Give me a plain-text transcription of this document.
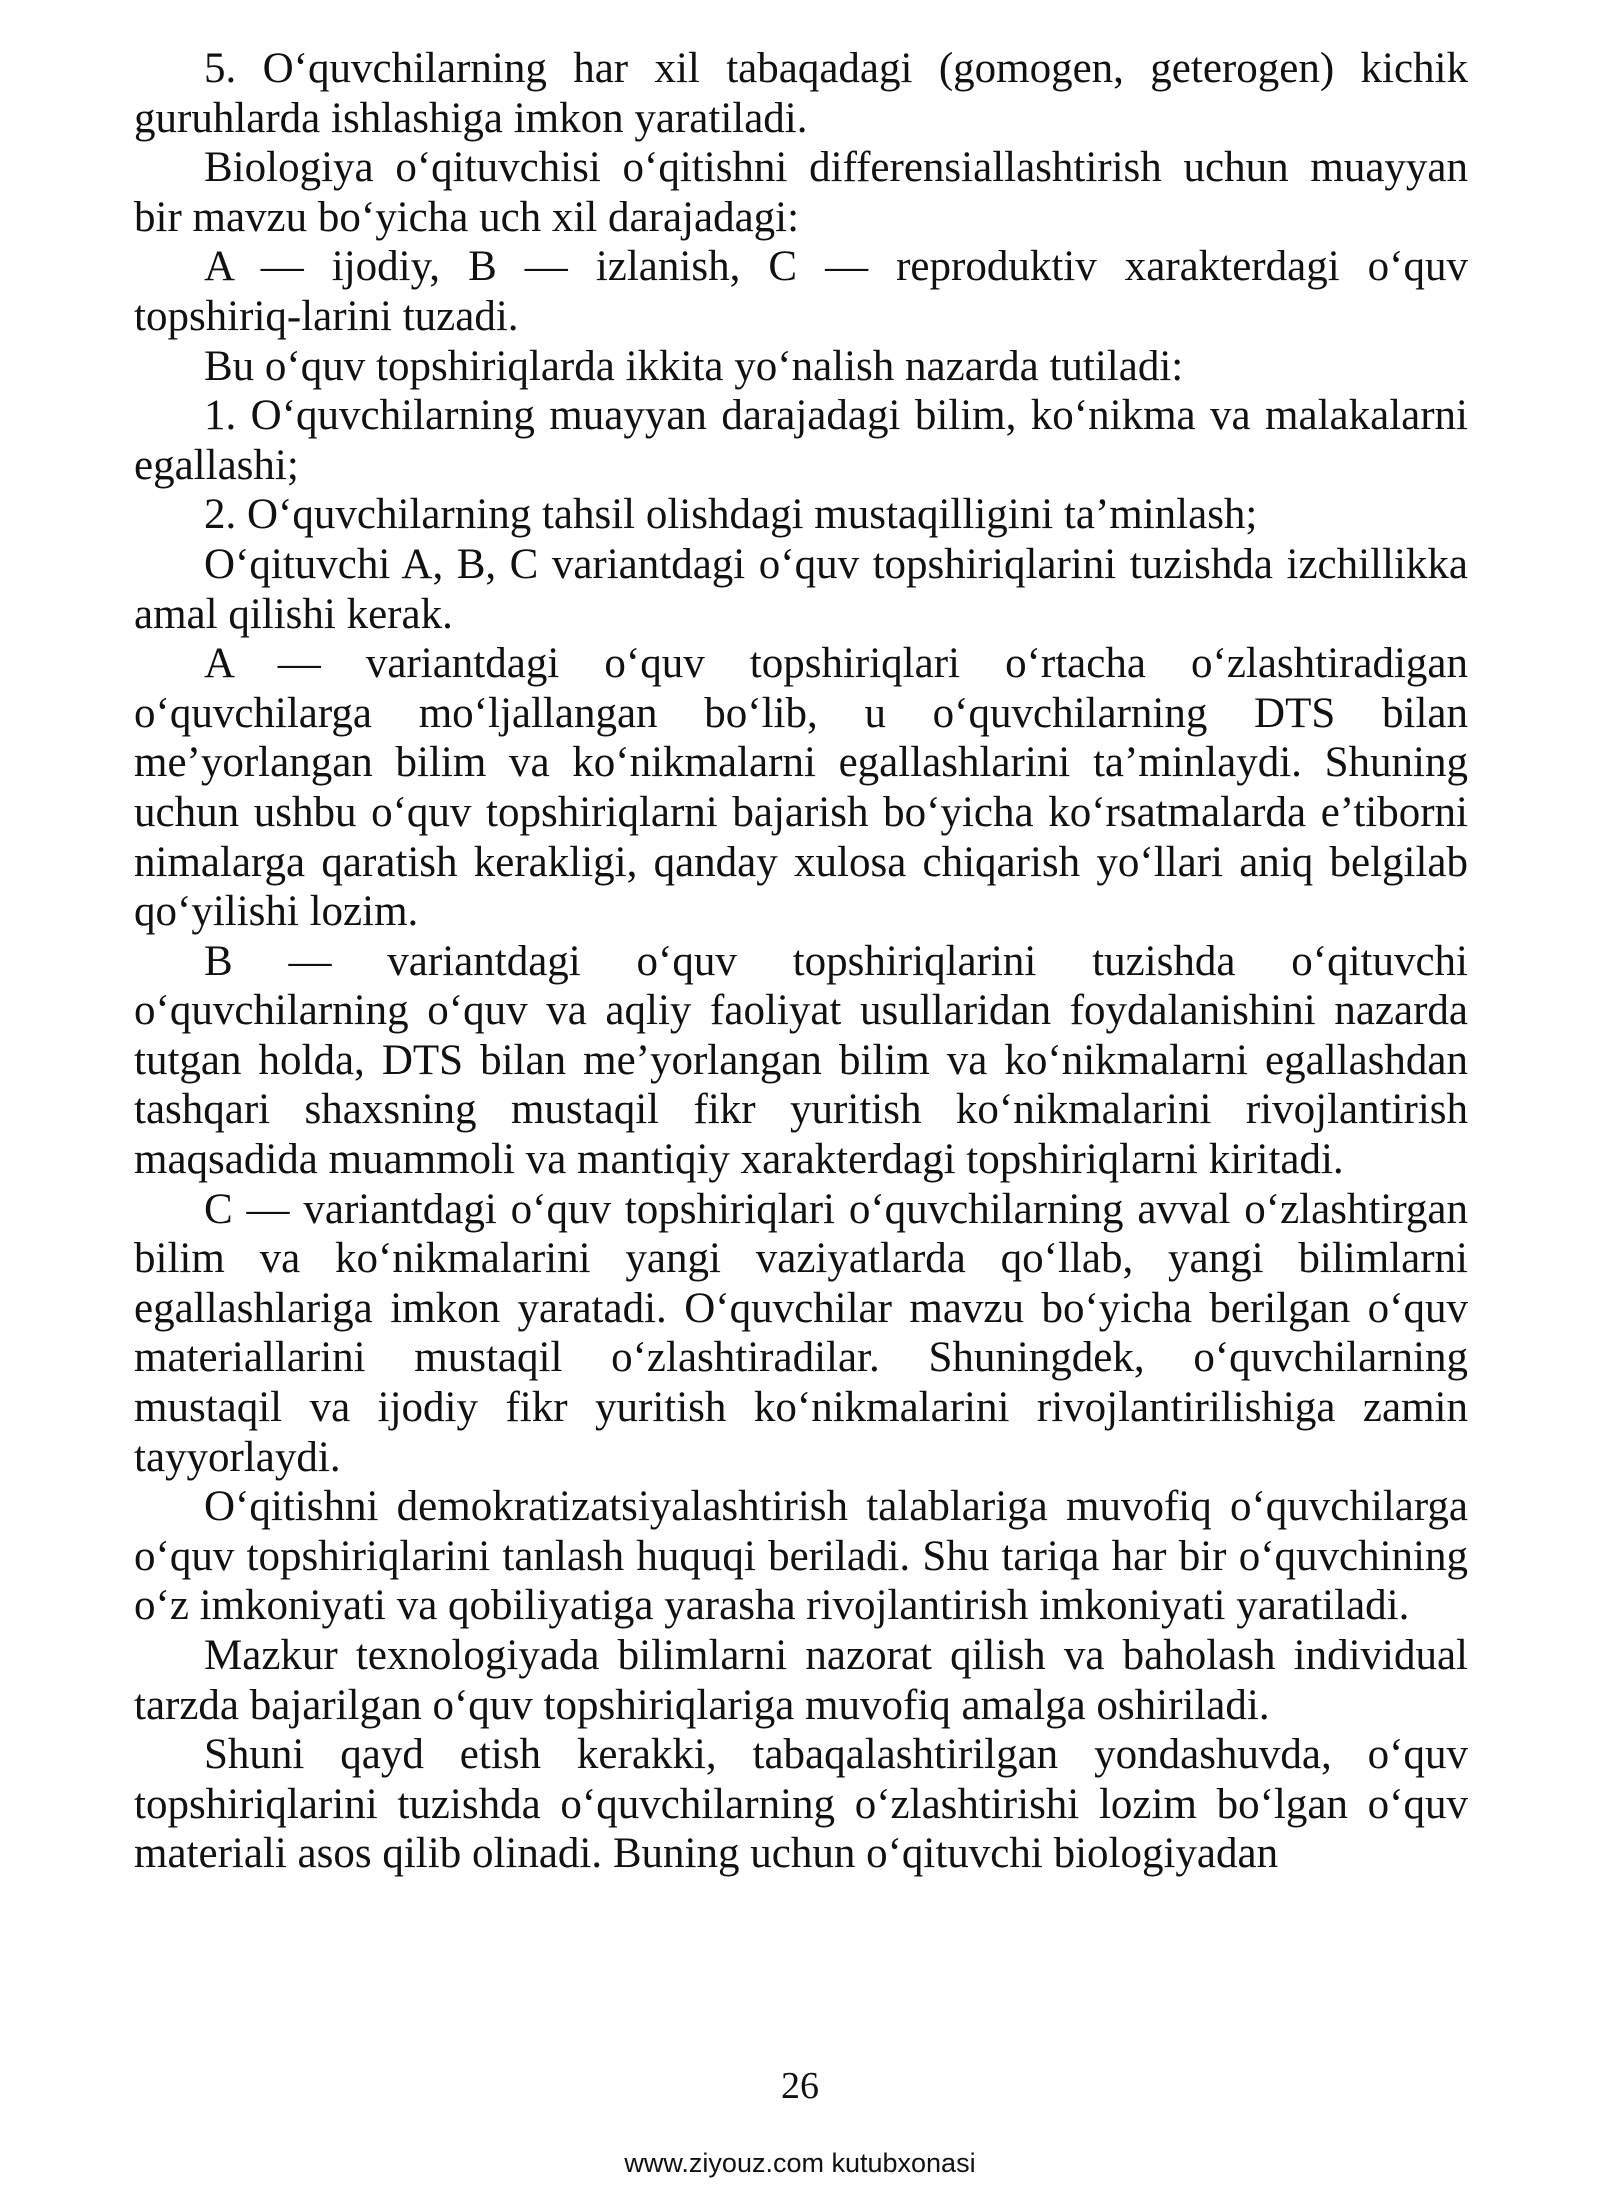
5. O‘quvchilarning har xil tabaqadagi (gomogen, geterogen) kichik guruhlarda ishlashiga imkon yaratiladi.

Biologiya o‘qituvchisi o‘qitishni differensiallashtirish uchun muayyan bir mavzu bo‘yicha uch xil darajadagi:

A — ijodiy, B — izlanish, C — reproduktiv xarakterdagi o‘quv topshiriq-larini tuzadi.

Bu o‘quv topshiriqlarda ikkita yo‘nalish nazarda tutiladi:

1. O‘quvchilarning muayyan darajadagi bilim, ko‘nikma va malakalarni egallashi;

2. O‘quvchilarning tahsil olishdagi mustaqilligini ta’minlash;

O‘qituvchi A, B, C variantdagi o‘quv topshiriqlarini tuzishda izchillikka amal qilishi kerak.

A — variantdagi o‘quv topshiriqlari o‘rtacha o‘zlashtiradigan o‘quvchilarga mo‘ljallangan bo‘lib, u o‘quvchilarning DTS bilan me’yorlangan bilim va ko‘nikmalarni egallashlarini ta’minlaydi. Shuning uchun ushbu o‘quv topshiriqlarni bajarish bo‘yicha ko‘rsatmalarda e’tiborni nimalarga qaratish kerakligi, qanday xulosa chiqarish yo‘llari aniq belgilab qo‘yilishi lozim.

B — variantdagi o‘quv topshiriqlarini tuzishda o‘qituvchi o‘quvchilarning o‘quv va aqliy faoliyat usullaridan foydalanishini nazarda tutgan holda, DTS bilan me’yorlangan bilim va ko‘nikmalarni egallashdan tashqari shaxsning mustaqil fikr yuritish ko‘nikmalarini rivojlantirish maqsadida muammoli va mantiqiy xarakterdagi topshiriqlarni kiritadi.

C — variantdagi o‘quv topshiriqlari o‘quvchilarning avval o‘zlashtirgan bilim va ko‘nikmalarini yangi vaziyatlarda qo‘llab, yangi bilimlarni egallashlariga imkon yaratadi. O‘quvchilar mavzu bo‘yicha berilgan o‘quv materiallarini mustaqil o‘zlashtiradilar. Shuningdek, o‘quvchilarning mustaqil va ijodiy fikr yuritish ko‘nikmalarini rivojlantirilishiga zamin tayyorlaydi.

O‘qitishni demokratizatsiyalashtirish talablariga muvofiq o‘quvchilarga o‘quv topshiriqlarini tanlash huquqi beriladi. Shu tariqa har bir o‘quvchining o‘z imkoniyati va qobiliyatiga yarasha rivojlantirish imkoniyati yaratiladi.

Mazkur texnologiyada bilimlarni nazorat qilish va baholash individual tarzda bajarilgan o‘quv topshiriqlariga muvofiq amalga oshiriladi.

Shuni qayd etish kerakki, tabaqalashtirilgan yondashuvda, o‘quv topshiriqlarini tuzishda o‘quvchilarning o‘zlashtirishi lozim bo‘lgan o‘quv materiali asos qilib olinadi. Buning uchun o‘qituvchi biologiyadan

26
www.ziyouz.com kutubxonasi
